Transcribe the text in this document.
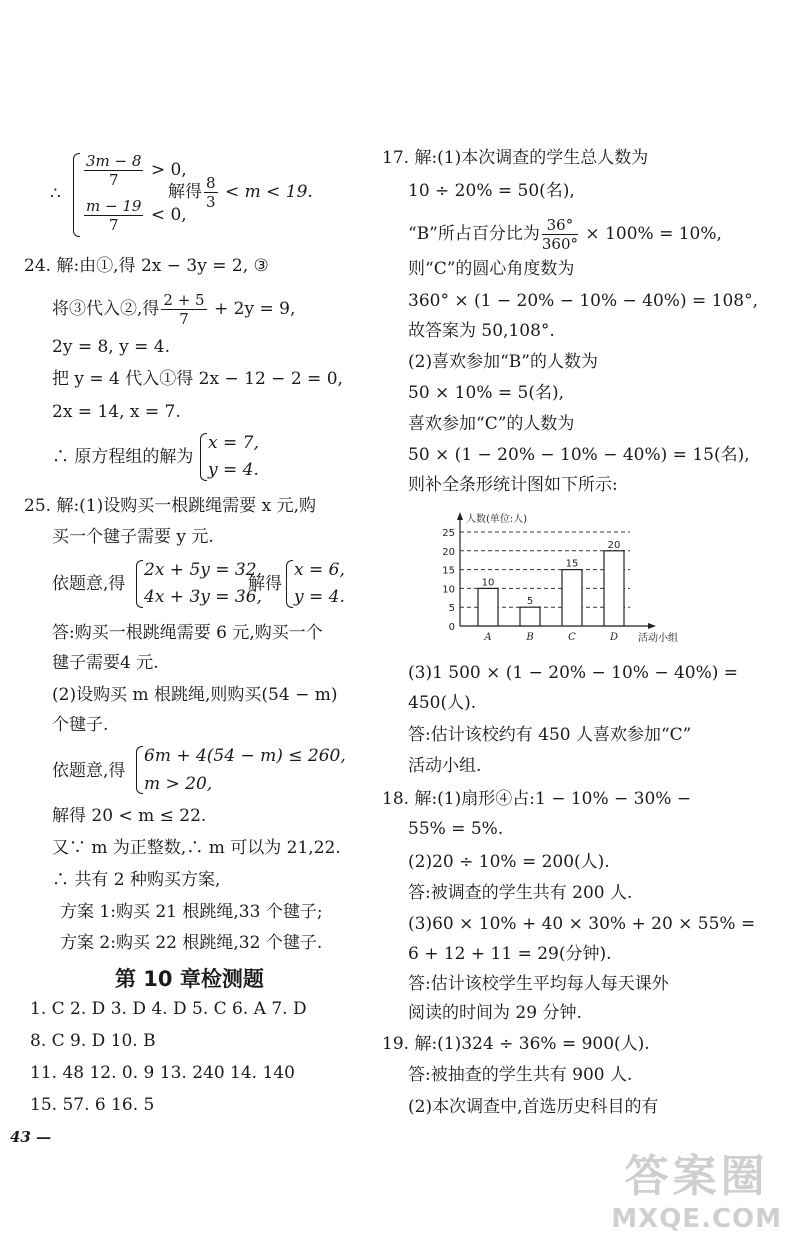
$\frac{3m - 8}{7} > 0$,
∴	解得 $\frac{8}{3} < m < 19$.
$\frac{m - 19}{7} < 0$,
24. 解:由①,得 2x − 3y = 2, ③
将③代入②,得 $\frac{2 + 5}{7} + 2y = 9$,
2y = 8, y = 4.
把 y = 4 代入①得 2x − 12 − 2 = 0,
2x = 14, x = 7.
∴ 原方程组的解为
x = 7,
y = 4.
25. 解:(1)设购买一根跳绳需要 x 元,购
买一个毽子需要 y 元.
依题意,得
2x + 5y = 32,
4x + 3y = 36,
解得
x = 6,
y = 4.
答:购买一根跳绳需要 6 元,购买一个
毽子需要4 元.
(2)设购买 m 根跳绳,则购买(54 − m)
个毽子.
依题意,得
6m + 4(54 − m) ≤ 260,
m > 20,
解得 20 < m ≤ 22.
又∵ m 为正整数,∴ m 可以为 21,22.
∴ 共有 2 种购买方案,
方案 1:购买 21 根跳绳,33 个毽子;
方案 2:购买 22 根跳绳,32 个毽子.
第 10 章检测题
1. C 2. D 3. D 4. D 5. C 6. A 7. D
8. C 9. D 10. B
11. 48 12. 0. 9 13. 240 14. 140
15. 57. 6 16. 5
43 —
17. 解:(1)本次调查的学生总人数为
10 ÷ 20% = 50(名),
“B”所占百分比为 $\frac{36^\circ}{360^\circ} \times 100\% = 10\%$,
则“C”的圆心角度数为
360° × (1 − 20% − 10% − 40%) = 108°,
故答案为 50,108°.
(2)喜欢参加“B”的人数为
50 × 10% = 5(名),
喜欢参加“C”的人数为
50 × (1 − 20% − 10% − 40%) = 15(名),
则补全条形统计图如下所示:
0
5
10
15
20
25
人数(单位:人)
活动小组
10
A
5
B
15
C
20
D
(3)1 500 × (1 − 20% − 10% − 40%) =
450(人).
答:估计该校约有 450 人喜欢参加“C”
活动小组.
18. 解:(1)扇形④占:1 − 10% − 30% −
55% = 5%.
(2)20 ÷ 10% = 200(人).
答:被调查的学生共有 200 人.
(3)60 × 10% + 40 × 30% + 20 × 55% =
6 + 12 + 11 = 29(分钟).
答:估计该校学生平均每人每天课外
阅读的时间为 29 分钟.
19. 解:(1)324 ÷ 36% = 900(人).
答:被抽查的学生共有 900 人.
(2)本次调查中,首选历史科目的有
答案圈
MXQE.COM
